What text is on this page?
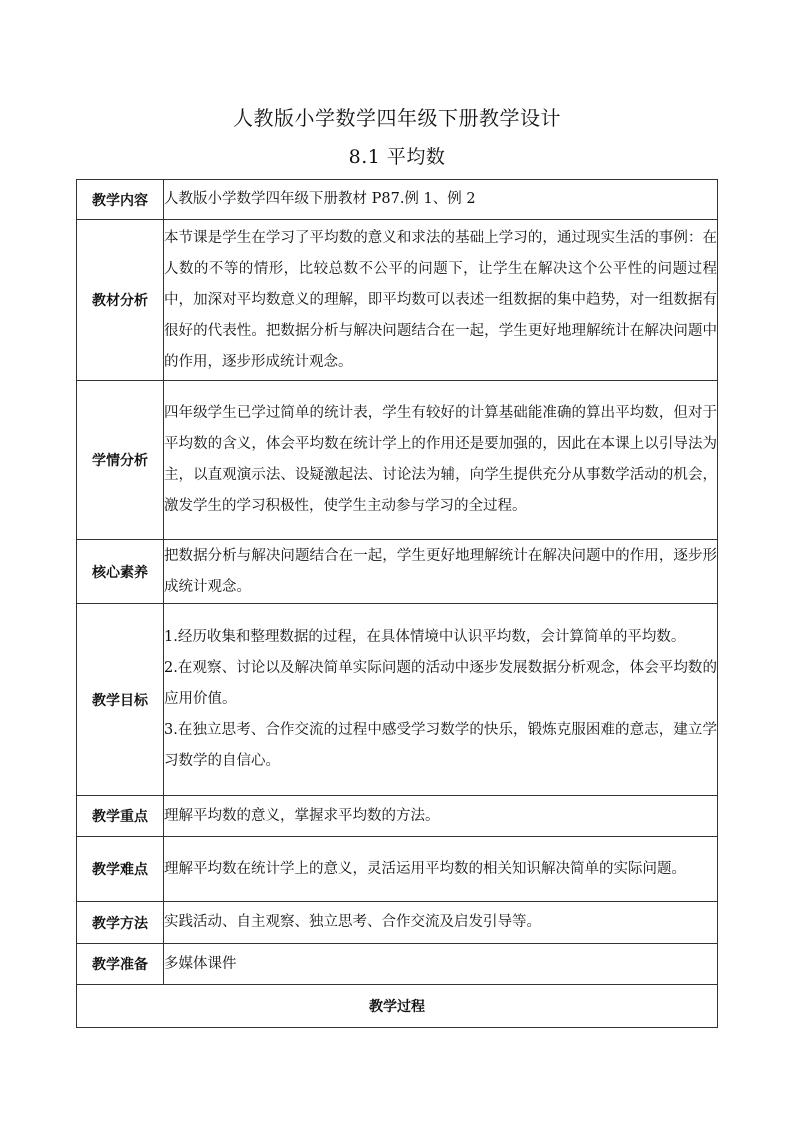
人教版小学数学四年级下册教学设计
8.1 平均数
教学内容	人教版小学数学四年级下册教材 P87.例 1、例 2
教材分析	本节课是学生在学习了平均数的意义和求法的基础上学习的，通过现实生活的事例：在人数的不等的情形，比较总数不公平的问题下，让学生在解决这个公平性的问题过程中，加深对平均数意义的理解，即平均数可以表述一组数据的集中趋势，对一组数据有很好的代表性。把数据分析与解决问题结合在一起，学生更好地理解统计在解决问题中的作用，逐步形成统计观念。
学情分析	四年级学生已学过简单的统计表，学生有较好的计算基础能准确的算出平均数，但对于平均数的含义，体会平均数在统计学上的作用还是要加强的，因此在本课上以引导法为主，以直观演示法、设疑激起法、讨论法为辅，向学生提供充分从事数学活动的机会，激发学生的学习积极性，使学生主动参与学习的全过程。
核心素养	把数据分析与解决问题结合在一起，学生更好地理解统计在解决问题中的作用，逐步形成统计观念。
教学目标	1.经历收集和整理数据的过程，在具体情境中认识平均数，会计算简单的平均数。

2.在观察、讨论以及解决简单实际问题的活动中逐步发展数据分析观念，体会平均数的应用价值。

3.在独立思考、合作交流的过程中感受学习数学的快乐，锻炼克服困难的意志，建立学习数学的自信心。

教学重点	理解平均数的意义，掌握求平均数的方法。
教学难点	理解平均数在统计学上的意义，灵活运用平均数的相关知识解决简单的实际问题。
教学方法	实践活动、自主观察、独立思考、合作交流及启发引导等。
教学准备	多媒体课件
教学过程	
